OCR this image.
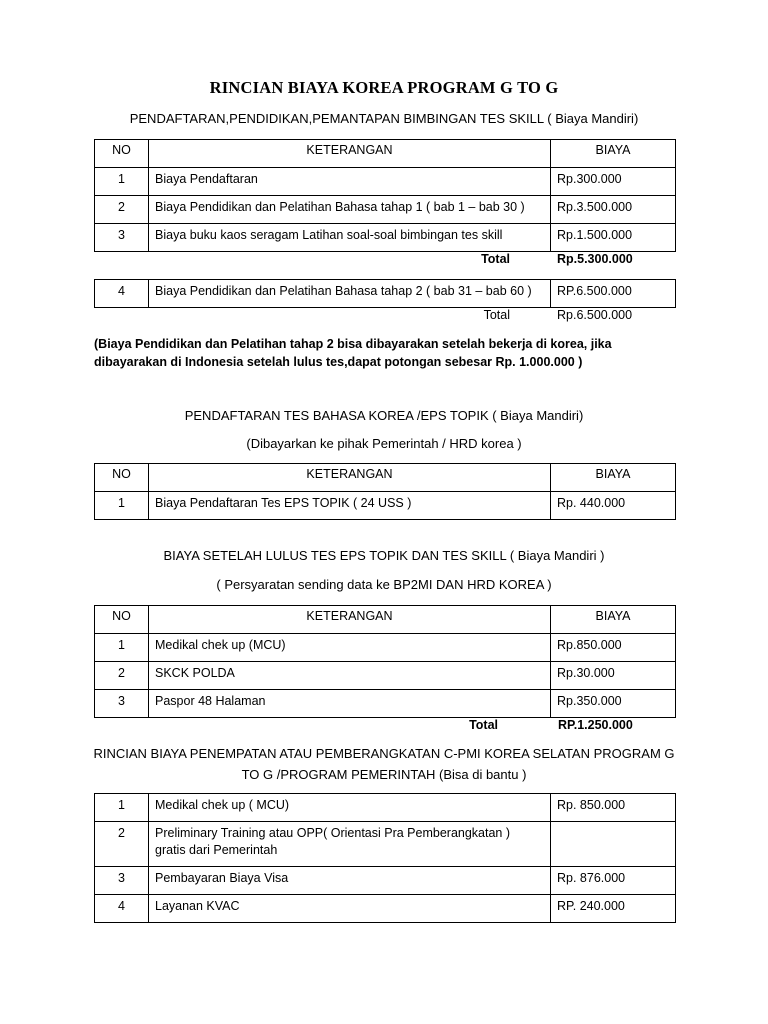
RINCIAN BIAYA KOREA PROGRAM G TO G
PENDAFTARAN,PENDIDIKAN,PEMANTAPAN BIMBINGAN TES SKILL ( Biaya Mandiri)
NO	KETERANGAN	BIAYA
1	Biaya Pendaftaran	Rp.300.000
2	Biaya Pendidikan dan Pelatihan Bahasa tahap 1 ( bab 1 – bab 30 )	Rp.3.500.000
3	Biaya buku kaos seragam Latihan soal-soal bimbingan tes skill	Rp.1.500.000
Total	Rp.5.300.000
4	Biaya Pendidikan dan Pelatihan Bahasa tahap 2 ( bab 31 – bab 60 )	RP.6.500.000
Total	Rp.6.500.000
(Biaya Pendidikan dan Pelatihan tahap 2 bisa dibayarakan setelah bekerja di korea, jika
dibayarakan di Indonesia setelah lulus tes,dapat potongan sebesar Rp. 1.000.000 )
PENDAFTARAN TES BAHASA KOREA /EPS TOPIK ( Biaya Mandiri)
(Dibayarkan ke pihak Pemerintah / HRD korea )
NO	KETERANGAN	BIAYA
1	Biaya Pendaftaran Tes EPS TOPIK ( 24 USS )	Rp. 440.000
BIAYA SETELAH LULUS TES EPS TOPIK DAN TES SKILL ( Biaya Mandiri )
( Persyaratan sending data ke BP2MI DAN HRD KOREA )
NO	KETERANGAN	BIAYA
1	Medikal chek up (MCU)	Rp.850.000
2	SKCK POLDA	Rp.30.000
3	Paspor 48 Halaman	Rp.350.000
Total	RP.1.250.000
RINCIAN BIAYA PENEMPATAN ATAU PEMBERANGKATAN C-PMI KOREA SELATAN PROGRAM G TO G /PROGRAM PEMERINTAH (Bisa di bantu )
1	Medikal chek up ( MCU)	Rp. 850.000
2	Preliminary Training atau OPP( Orientasi Pra Pemberangkatan )
gratis dari Pemerintah	

3	Pembayaran Biaya Visa	Rp. 876.000
4	Layanan KVAC	RP. 240.000
